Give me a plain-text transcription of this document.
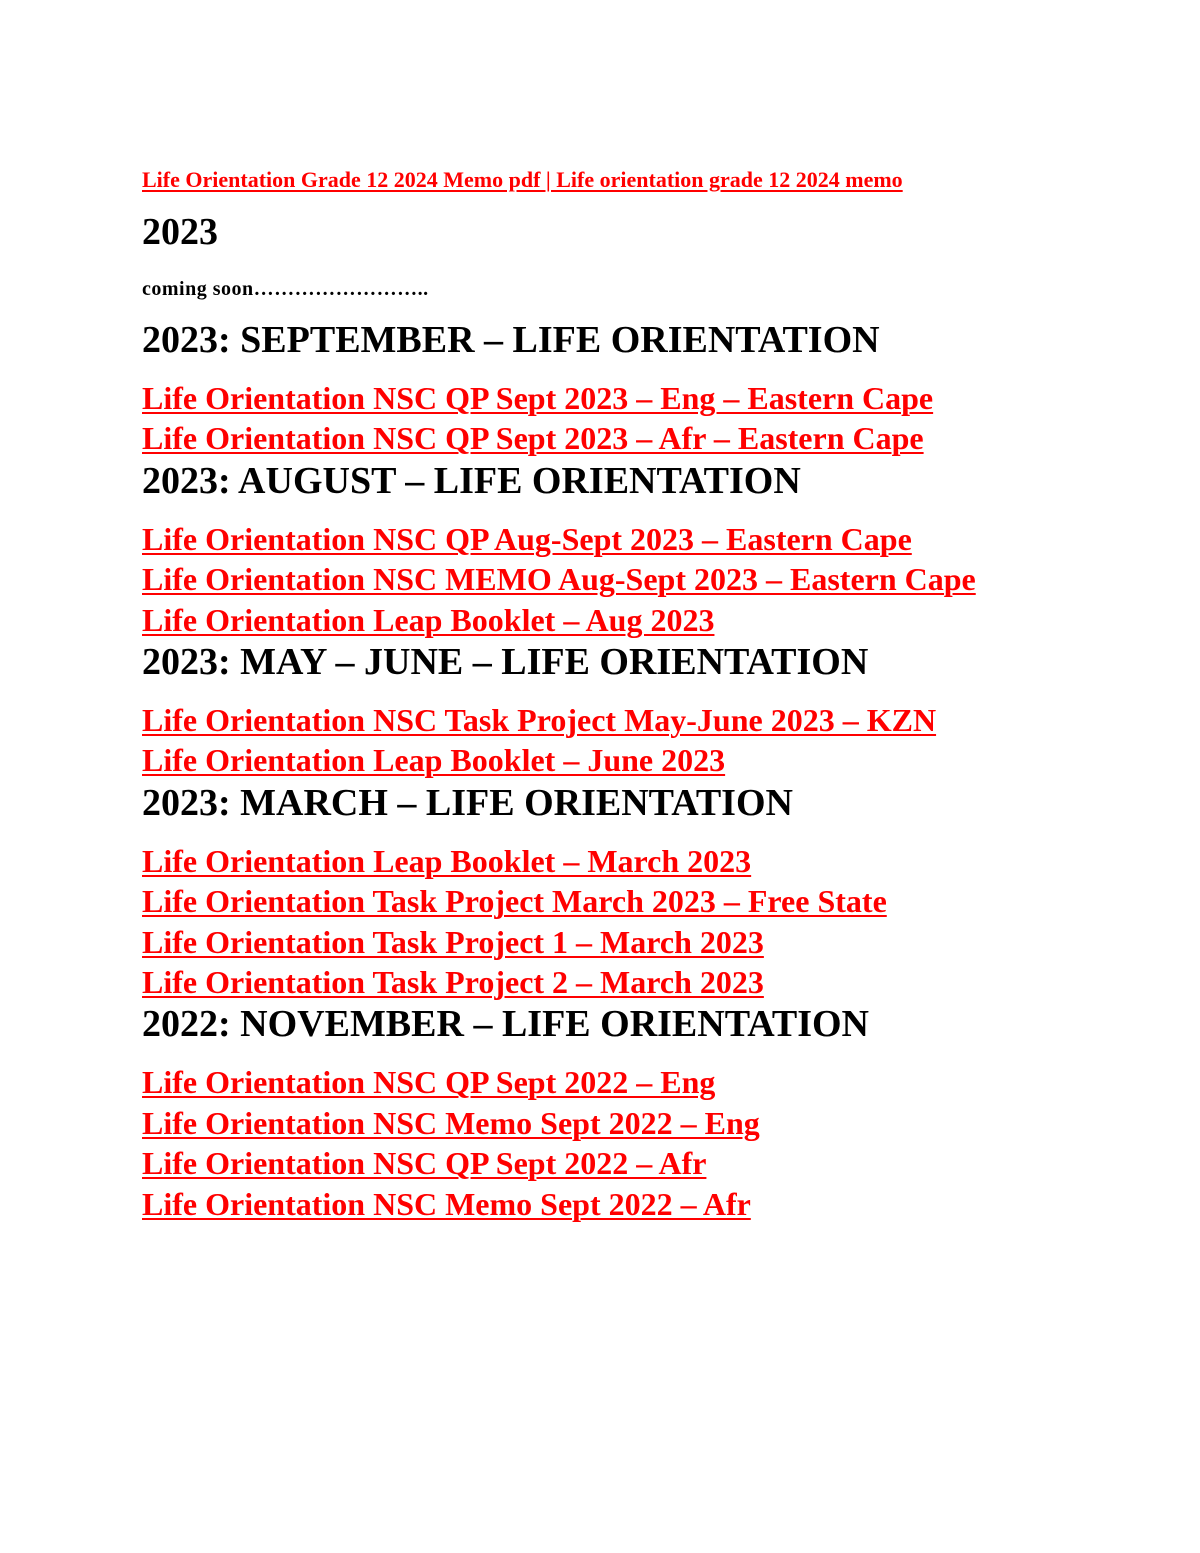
Life Orientation Grade 12 2024 Memo pdf | Life orientation grade 12 2024 memo
2023
coming soon……………………..
2023: SEPTEMBER – LIFE ORIENTATION
Life Orientation NSC QP Sept 2023 – Eng – Eastern Cape
Life Orientation NSC QP Sept 2023 – Afr – Eastern Cape
2023: AUGUST – LIFE ORIENTATION
Life Orientation NSC QP Aug-Sept 2023 – Eastern Cape
Life Orientation NSC MEMO Aug-Sept 2023 – Eastern Cape
Life Orientation Leap Booklet – Aug 2023
2023: MAY – JUNE – LIFE ORIENTATION
Life Orientation NSC Task Project May-June 2023 – KZN
Life Orientation Leap Booklet – June 2023
2023: MARCH – LIFE ORIENTATION
Life Orientation Leap Booklet – March 2023
Life Orientation Task Project March 2023 – Free State
Life Orientation Task Project 1 – March 2023
Life Orientation Task Project 2 – March 2023
2022: NOVEMBER – LIFE ORIENTATION
Life Orientation NSC QP Sept 2022 – Eng
Life Orientation NSC Memo Sept 2022 – Eng
Life Orientation NSC QP Sept 2022 – Afr
Life Orientation NSC Memo Sept 2022 – Afr
